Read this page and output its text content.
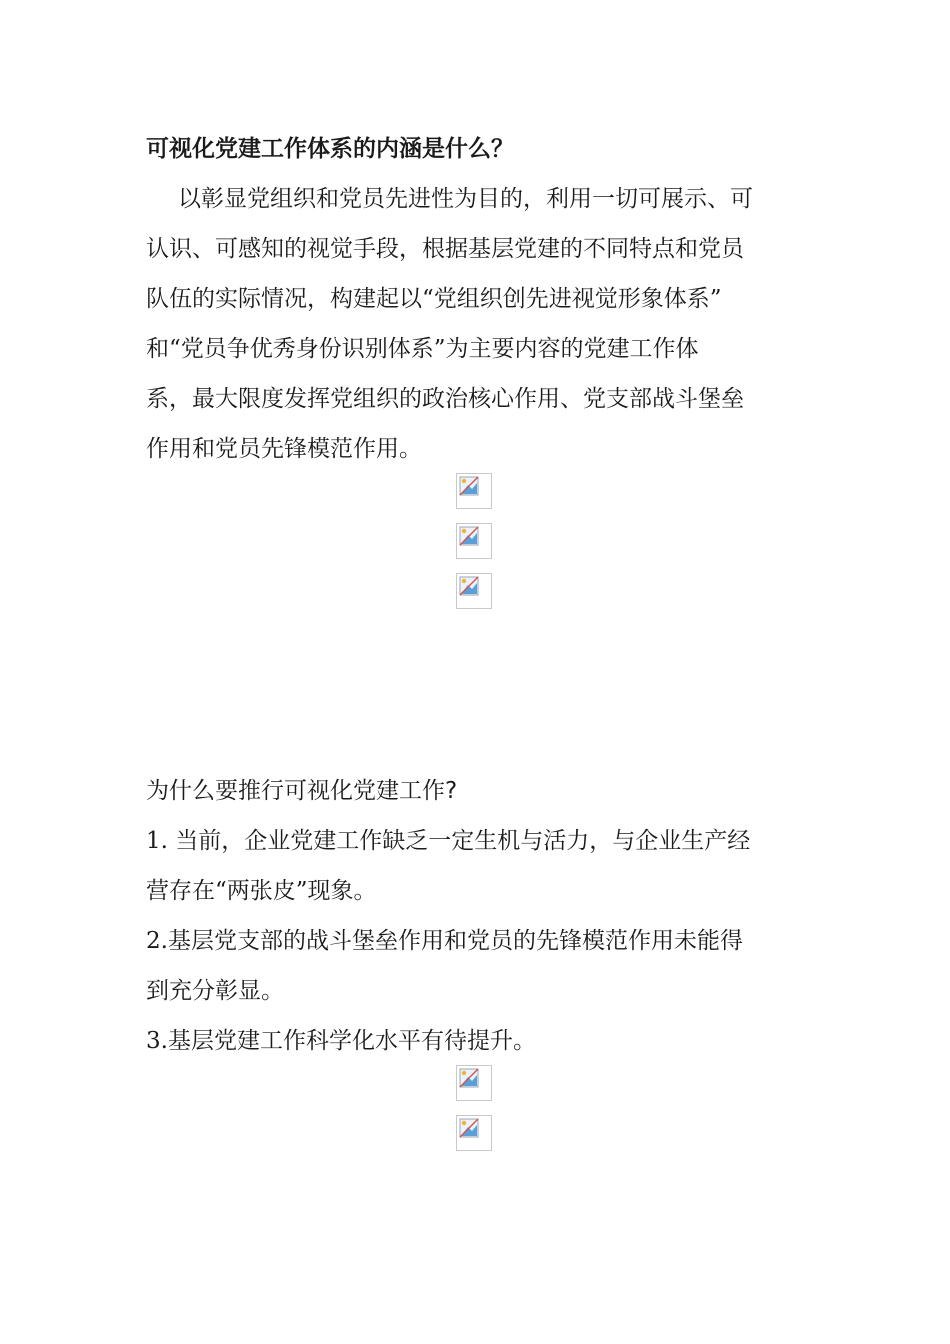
可视化党建工作体系的内涵是什么？

以彰显党组织和党员先进性为目的，利用一切可展示、可
认识、可感知的视觉手段，根据基层党建的不同特点和党员
队伍的实际情况，构建起以“党组织创先进视觉形象体系”
和“党员争优秀身份识别体系”为主要内容的党建工作体
系，最大限度发挥党组织的政治核心作用、党支部战斗堡垒
作用和党员先锋模范作用。

为什么要推行可视化党建工作?
1. 当前，企业党建工作缺乏一定生机与活力，与企业生产经
营存在“两张皮”现象。
2.基层党支部的战斗堡垒作用和党员的先锋模范作用未能得
到充分彰显。
3.基层党建工作科学化水平有待提升。
